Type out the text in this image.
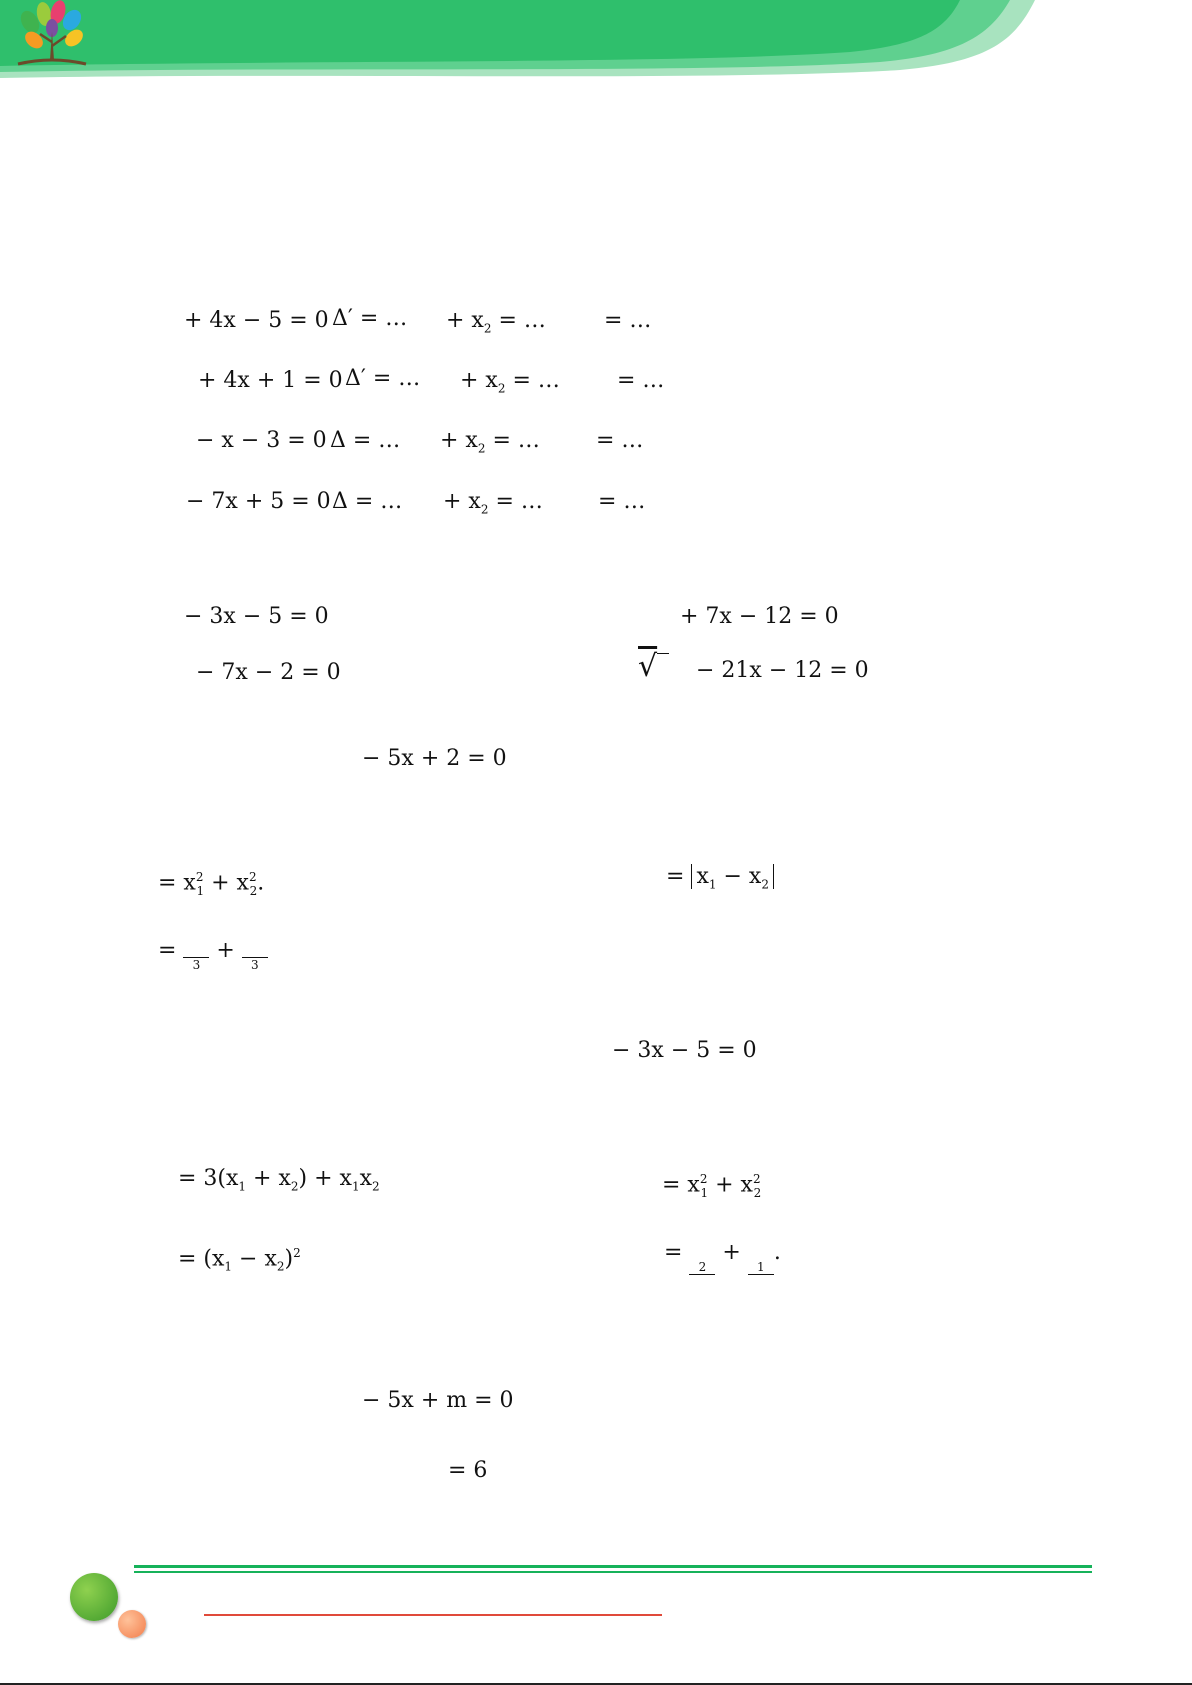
+ 4x − 5 = 0 Δ′ = … + $x_2$ = …	= …
+ 4x + 1 = 0 Δ′ = … + $x_2$ = …	= …
− x − 3 = 0 Δ = … + $x_2$ = …	= …
− 7x + 5 = 0 Δ = … + $x_2$ = …	= …
− 3x − 5 = 0	+ 7x − 12 = 0
− 7x − 2 = 0	√	− 21x − 12 = 0
− 5x + 2 = 0
= $x^2_1 + x^2_2$.	= $x_1 - x_2$
=
3
+
3
− 3x − 5 = 0
= $3(x_1 + x_2) + x_1x_2$	= $x^2_1 + x^2_2$
= $(x_1 - x_2)^2$	=
2
+
1
.
− 5x + m = 0
= 6
